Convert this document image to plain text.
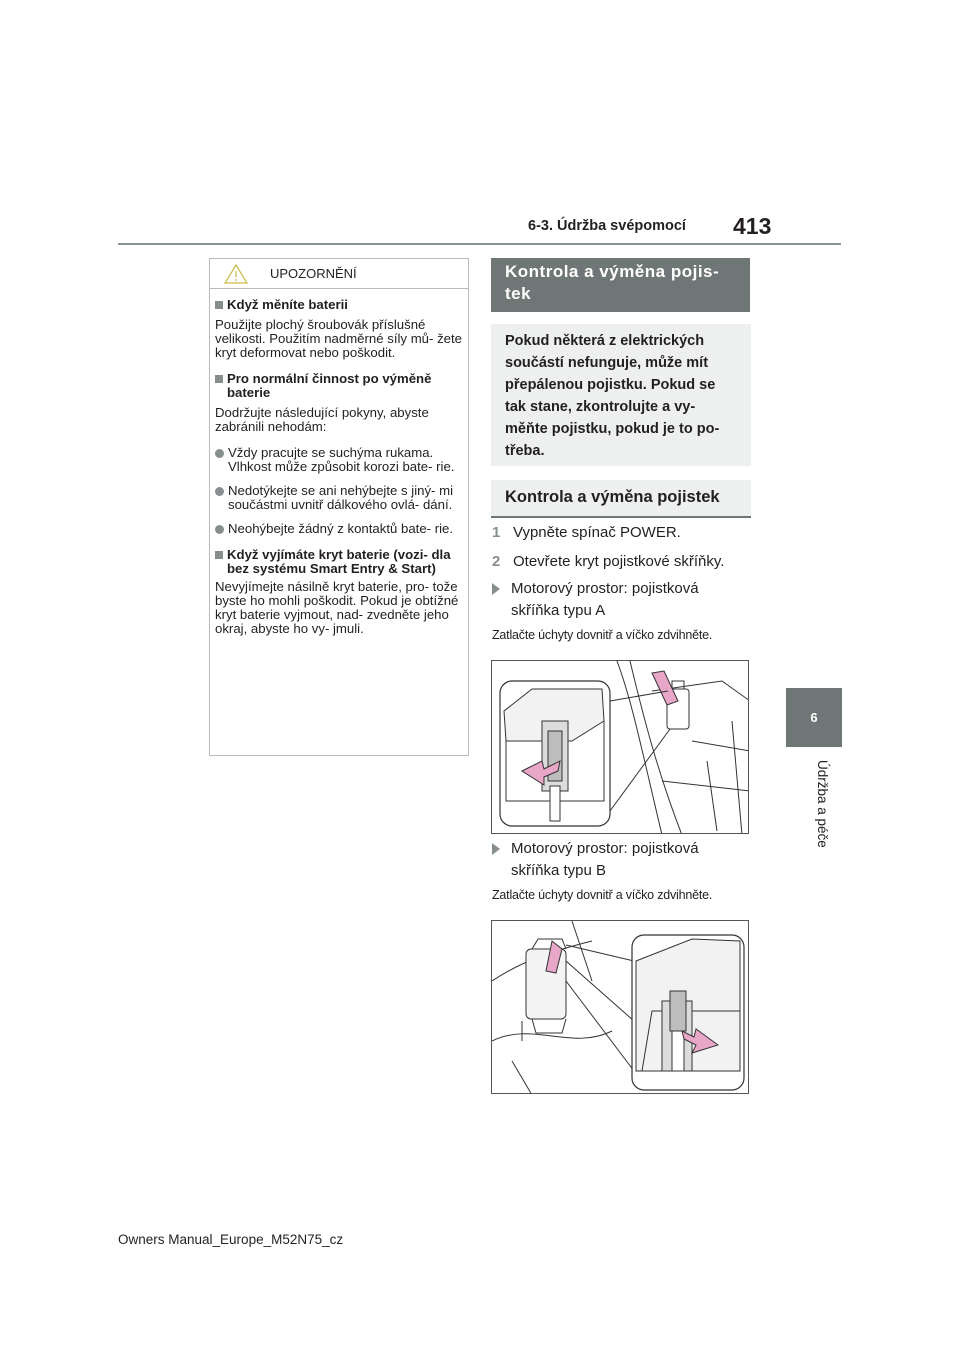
6-3. Údržba svépomocí 413
6
Údržba a péče
UPOZORNĚNÍ
Když měníte baterii
Použijte plochý šroubovák příslušné velikosti. Použitím nadměrné síly mů- žete kryt deformovat nebo poškodit.
Pro normální činnost po výměně baterie
Dodržujte následující pokyny, abyste zabránili nehodám:
Vždy pracujte se suchýma rukama. Vlhkost může způsobit korozi bate- rie.
Nedotýkejte se ani nehýbejte s jiný- mi součástmi uvnitř dálkového ovlá- dání.
Neohýbejte žádný z kontaktů bate- rie.
Když vyjímáte kryt baterie (vozi- dla bez systému Smart Entry & Start)
Nevyjímejte násilně kryt baterie, pro- tože byste ho mohli poškodit. Pokud je obtížné kryt baterie vyjmout, nad- zvedněte jeho okraj, abyste ho vy- jmuli.
Kontrola a výměna pojis- tek
Pokud některá z elektrických součástí nefunguje, může mít přepálenou pojistku. Pokud se tak stane, zkontrolujte a vy- měňte pojistku, pokud je to po- třeba.
Kontrola a výměna pojistek
1 Vypněte spínač POWER.
2 Otevřete kryt pojistkové skříňky.
Motorový prostor: pojistková skříňka typu A
Zatlačte úchyty dovnitř a víčko zdvihněte.
Motorový prostor: pojistková skříňka typu B
Zatlačte úchyty dovnitř a víčko zdvihněte.
Owners Manual_Europe_M52N75_cz
